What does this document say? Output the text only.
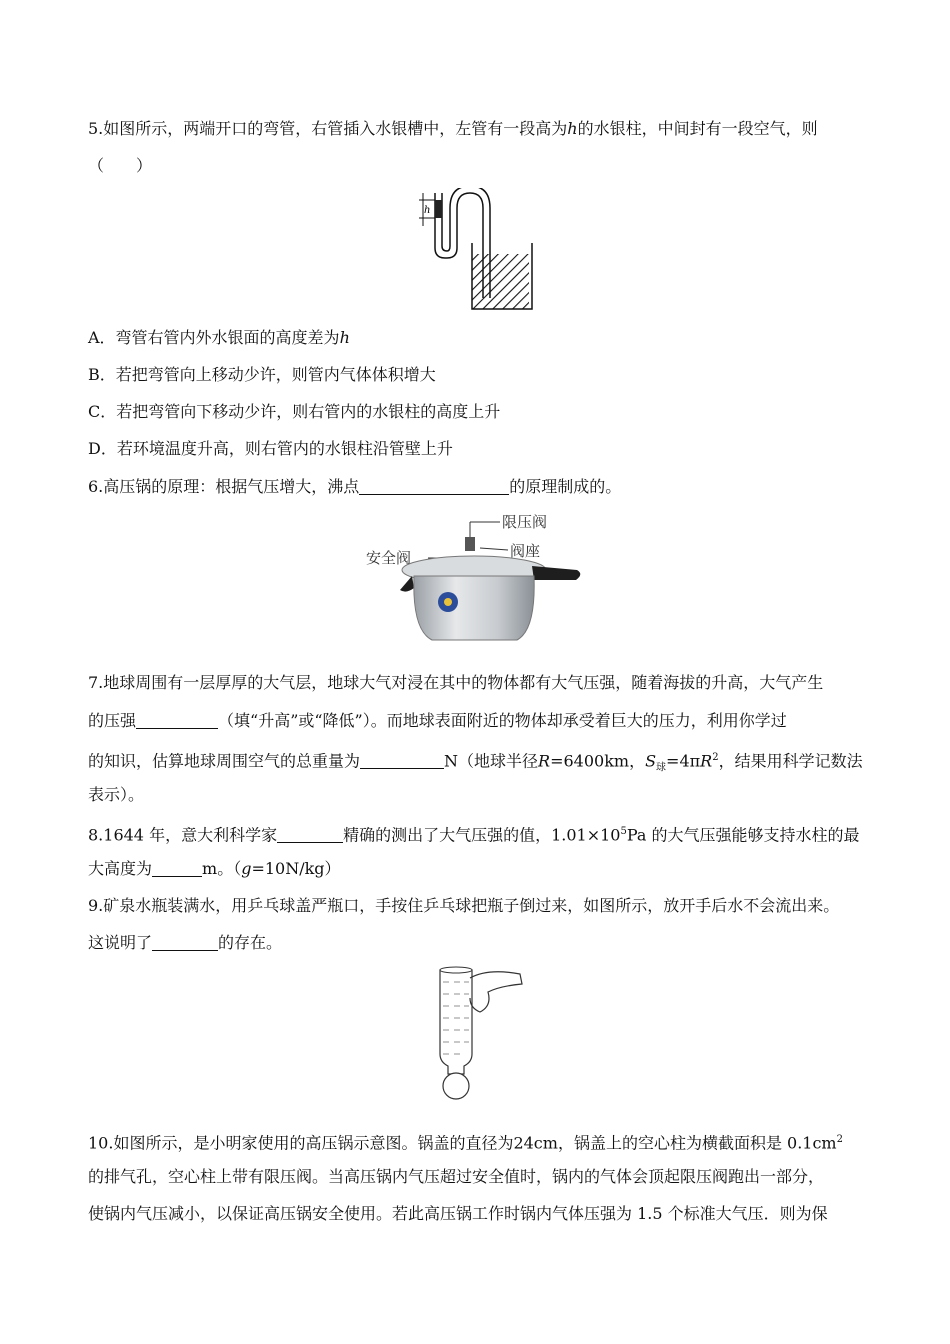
5.如图所示，两端开口的弯管，右管插入水银槽中，左管有一段高为h的水银柱，中间封有一段空气，则
（　　）
h
A．弯管右管内外水银面的高度差为h
B．若把弯管向上移动少许，则管内气体体积增大
C．若把弯管向下移动少许，则右管内的水银柱的高度上升
D．若环境温度升高，则右管内的水银柱沿管壁上升
6.高压锅的原理：根据气压增大，沸点	的原理制成的。
限压阀
阀座
安全阀
7.地球周围有一层厚厚的大气层，地球大气对浸在其中的物体都有大气压强，随着海拔的升高，大气产生
的压强	（填“升高”或“降低”）。而地球表面附近的物体却承受着巨大的压力，利用你学过
的知识，估算地球周围空气的总重量为	N（地球半径R=6400km，$S_球=4\pi R^2$，结果用科学记数法
表示）。
8.1644 年，意大利科学家	精确的测出了大气压强的值，$1.01\times 10^5Pa$ 的大气压强能够支持水柱的最
大高度为	m。（g=10N/kg）
9.矿泉水瓶装满水，用乒乓球盖严瓶口，手按住乒乓球把瓶子倒过来，如图所示，放开手后水不会流出来。
这说明了	的存在。
10.如图所示，是小明家使用的高压锅示意图。锅盖的直径为24cm，锅盖上的空心柱为横截面积是 $0.1cm^2$
的排气孔，空心柱上带有限压阀。当高压锅内气压超过安全值时，锅内的气体会顶起限压阀跑出一部分，
使锅内气压减小，以保证高压锅安全使用。若此高压锅工作时锅内气体压强为 1.5 个标准大气压．则为保
